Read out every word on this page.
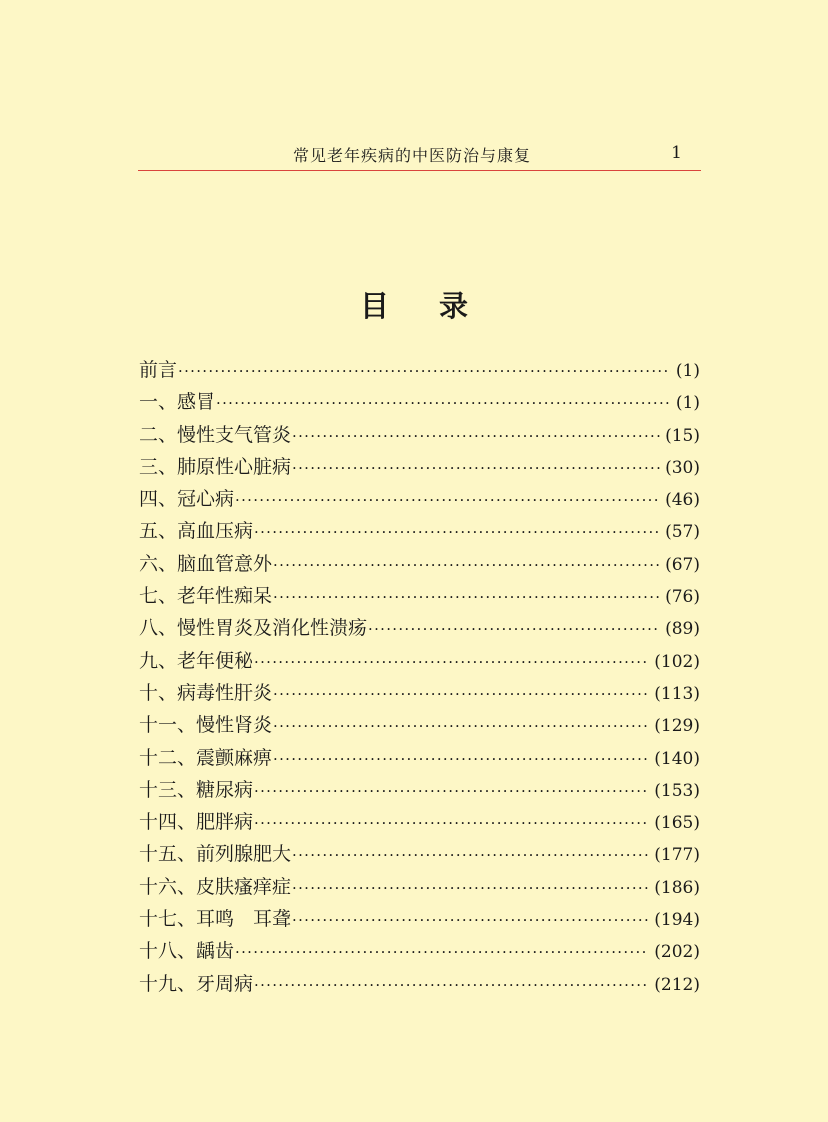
常见老年疾病的中医防治与康复	1
目录
前言 ·····	(1)
一、感冒 ·····	(1)
二、慢性支气管炎 ·····	(15)
三、肺原性心脏病 ·····	(30)
四、冠心病 ·····	(46)
五、高血压病 ·····	(57)
六、脑血管意外 ·····	(67)
七、老年性痴呆 ·····	(76)
八、慢性胃炎及消化性溃疡 ·····	(89)
九、老年便秘 ·····	(102)
十、病毒性肝炎 ·····	(113)
十一、慢性肾炎 ·····	(129)
十二、震颤麻痹 ·····	(140)
十三、糖尿病 ·····	(153)
十四、肥胖病 ·····	(165)
十五、前列腺肥大 ·····	(177)
十六、皮肤瘙痒症 ·····	(186)
十七、耳鸣　耳聋 ·····	(194)
十八、龋齿 ·····	(202)
十九、牙周病 ·····	(212)
